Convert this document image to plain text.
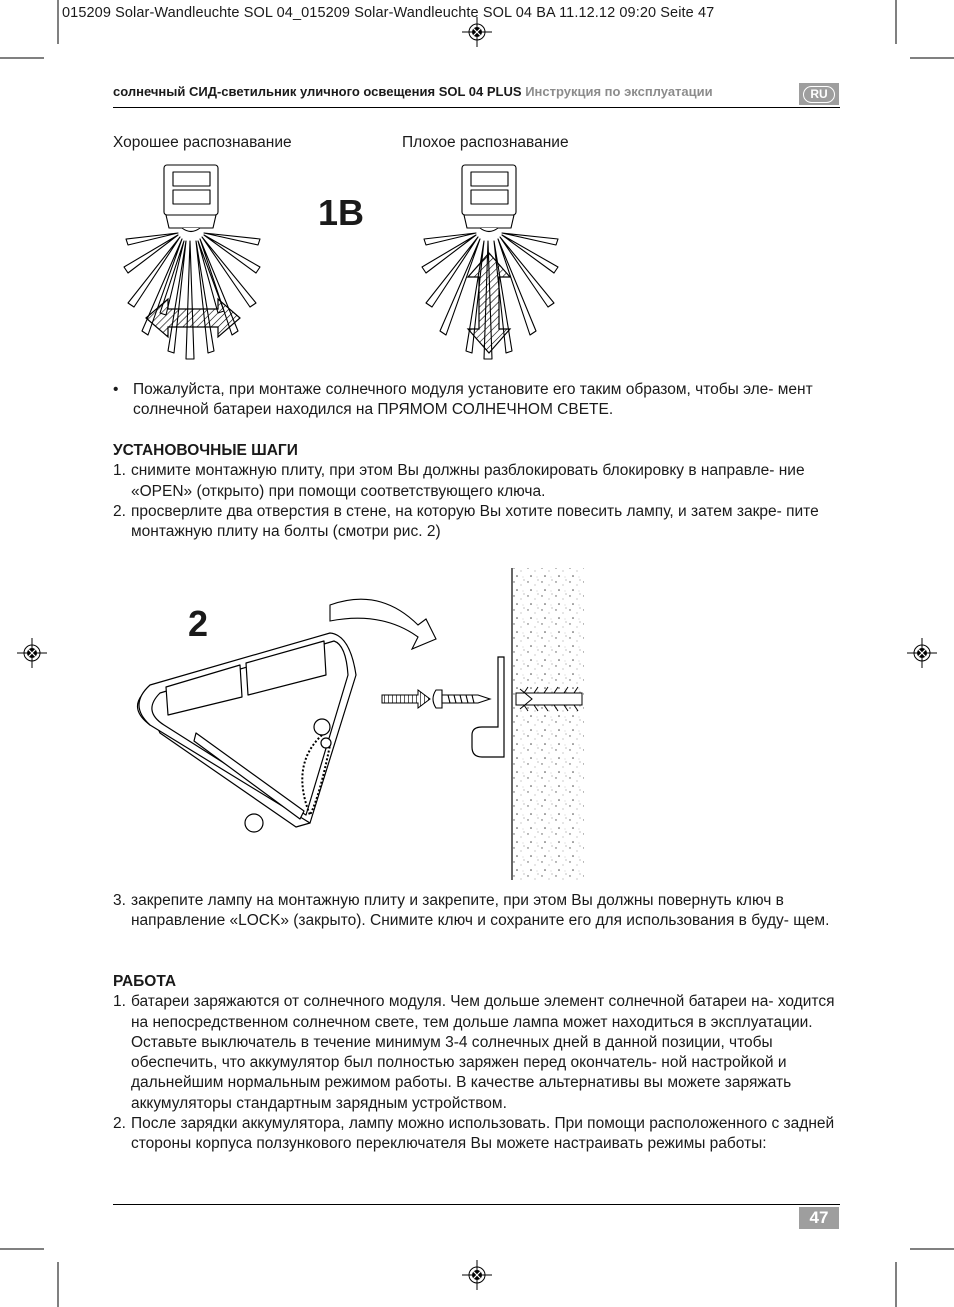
015209 Solar-Wandleuchte SOL 04_015209 Solar-Wandleuchte SOL 04 BA 11.12.12 09:20 Seite 47
солнечный СИД-светильник уличного освещения SOL 04 PLUS Инструкция по эксплуатации	RU
Хорошее распознавание	Плохое распознавание
1B

• Пожалуйста, при монтаже солнечного модуля установите его таким образом, чтобы эле- мент солнечной батареи находился на ПРЯМОМ СОЛНЕЧНОМ СВЕТЕ.

УСТАНОВОЧНЫЕ ШАГИ

1. снимите монтажную плиту, при этом Вы должны разблокировать блокировку в направле- ние «OPEN» (открыто) при помощи соответствующего ключа.

2. просверлите два отверстия в стене, на которую Вы хотите повесить лампу, и затем закре- пите монтажную плиту на болты (смотри рис. 2)

2

3. закрепите лампу на монтажную плиту и закрепите, при этом Вы должны повернуть ключ в направление «LOCK» (закрыто). Снимите ключ и сохраните его для использования в буду- щем.

РАБОТА

1. батареи заряжаются от солнечного модуля. Чем дольше элемент солнечной батареи на- ходится на непосредственном солнечном свете, тем дольше лампа может находиться в эксплуатации. Оставьте выключатель в течение минимум 3-4 солнечных дней в данной позиции, чтобы обеспечить, что аккумулятор был полностью заряжен перед окончатель- ной настройкой и дальнейшим нормальным режимом работы. В качестве альтернативы вы можете заряжать аккумуляторы стандартным зарядным устройством.

2. После зарядки аккумулятора, лампу можно использовать. При помощи расположенного с задней стороны корпуса ползункового переключателя Вы можете настраивать режимы работы:

47
